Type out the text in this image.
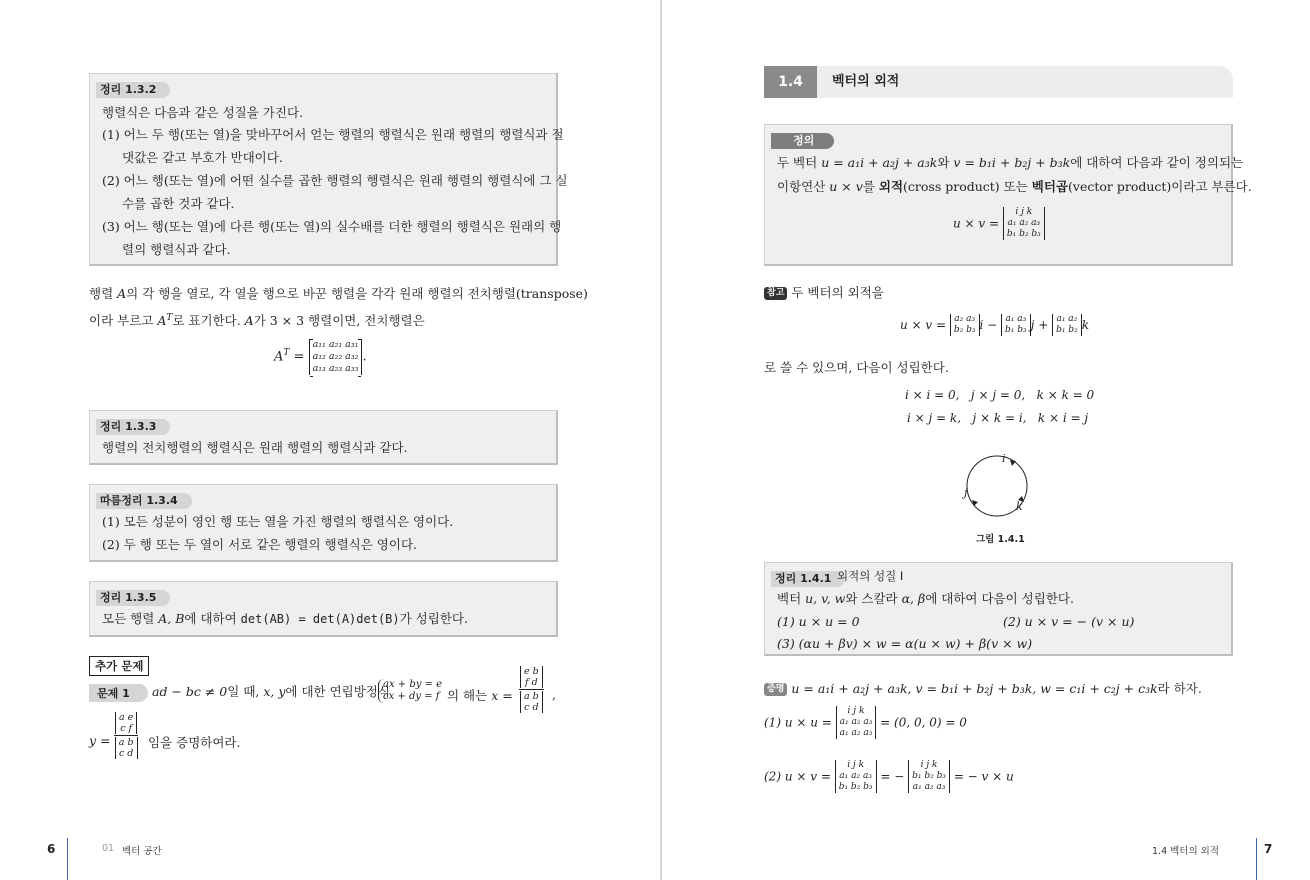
정리 1.3.2
행렬식은 다음과 같은 성질을 가진다.
(1) 어느 두 행(또는 열)을 맞바꾸어서 얻는 행렬의 행렬식은 원래 행렬의 행렬식과 절
댓값은 같고 부호가 반대이다.
(2) 어느 행(또는 열)에 어떤 실수를 곱한 행렬의 행렬식은 원래 행렬의 행렬식에 그 실
수를 곱한 것과 같다.
(3) 어느 행(또는 열)에 다른 행(또는 열)의 실수배를 더한 행렬의 행렬식은 원래의 행
렬의 행렬식과 같다.
행렬 A의 각 행을 열로, 각 열을 행으로 바꾼 행렬을 각각 원래 행렬의 전치행렬(transpose)
이라 부르고 $A^T$로 표기한다. A가 3 × 3 행렬이면, 전치행렬은
$A^T$ =
a₁₁ a₂₁ a₃₁
a₁₂ a₂₂ a₃₂
a₁₃ a₂₃ a₃₃
.
정리 1.3.3
행렬의 전치행렬의 행렬식은 원래 행렬의 행렬식과 같다.
따름정리 1.3.4
(1) 모든 성분이 영인 행 또는 열을 가진 행렬의 행렬식은 영이다.
(2) 두 행 또는 두 열이 서로 같은 행렬의 행렬식은 영이다.
정리 1.3.5
모든 행렬 A, B에 대하여 det(AB) = det(A)det(B)가 성립한다.
추가 문제
문제 1	ad − bc ≠ 0일 때, x, y에 대한 연립방정식
ax + by = e
cx + dy = f 의 해는 x = e b
f d
a b
c d ,
y = a e
c f
a b
c d 임을 증명하여라.
6	01 벡터 공간
1.4	벡터의 외적
정의
두 벡터 u = a₁i + a₂j + a₃k와 v = b₁i + b₂j + b₃k에 대하여 다음과 같이 정의되는
이항연산 u × v를 외적(cross product) 또는 벡터곱(vector product)이라고 부른다.
u × v =
i j k
a₁ a₂ a₃
b₁ b₂ b₃
참고 두 벡터의 외적을
u × v = a₂ a₃
b₂ b₃ i − a₁ a₃
b₁ b₃ j + a₁ a₂
b₁ b₂ k
로 쓸 수 있으며, 다음이 성립한다.
i × i = 0,   j × j = 0,   k × k = 0
i × j = k,   j × k = i,   k × i = j
i
j
k
그림 1.4.1
정리 1.4.1 외적의 성질 Ⅰ
벡터 u, v, w와 스칼라 α, β에 대하여 다음이 성립한다.
(1) u × u = 0	(2) u × v = − (v × u)
(3) (αu + βv) × w = α(u × w) + β(v × w)
증명 u = a₁i + a₂j + a₃k, v = b₁i + b₂j + b₃k, w = c₁i + c₂j + c₃k라 하자.
(1) u × u =
i j k
a₁ a₂ a₃
a₁ a₂ a₃
= (0, 0, 0) = 0
(2) u × v =
i j k
a₁ a₂ a₃
b₁ b₂ b₃
= −
i j k
b₁ b₂ b₃
a₁ a₂ a₃
= − v × u
1.4 벡터의 외적	7
